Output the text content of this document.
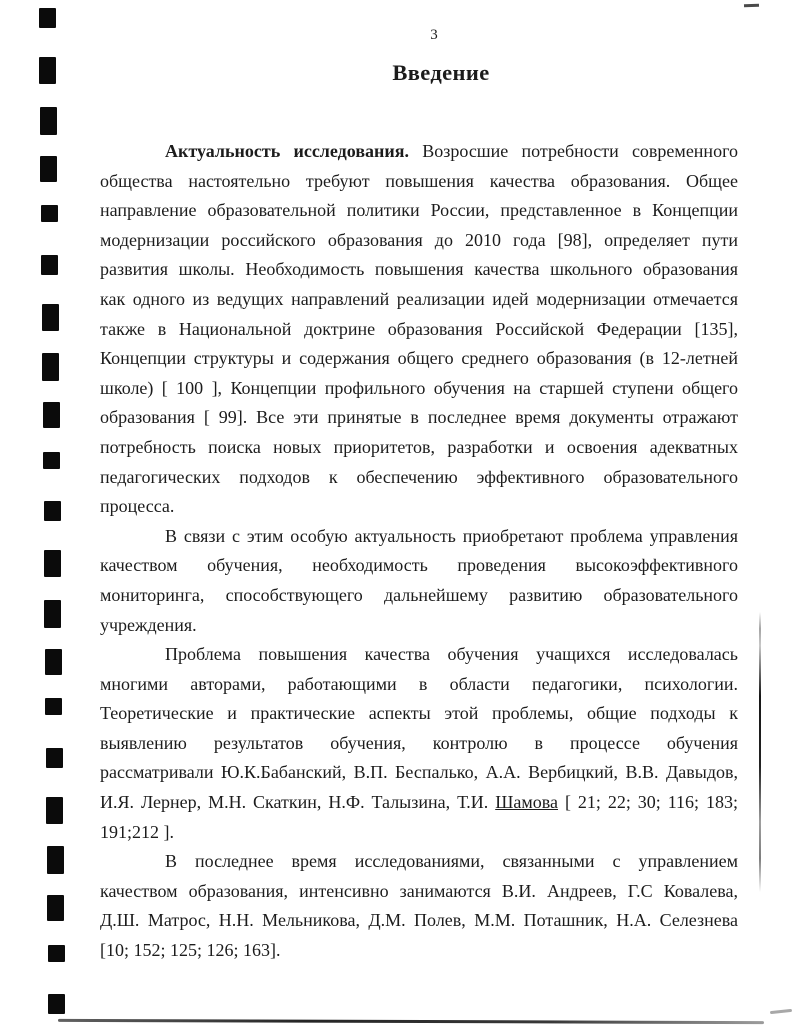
3
Введение
Актуальность исследования. Возросшие потребности современного
общества настоятельно требуют повышения качества образования. Общее
направление образовательной политики России, представленное в Концепции
модернизации российского образования до 2010 года [98], определяет пути
развития школы. Необходимость повышения качества школьного образования
как одного из ведущих направлений реализации идей модернизации отмечается
также в Национальной доктрине образования Российской Федерации [135],
Концепции структуры и содержания общего среднего образования (в 12-летней
школе) [ 100 ], Концепции профильного обучения на старшей ступени общего
образования [ 99]. Все эти принятые в последнее время документы отражают
потребность поиска новых приоритетов, разработки и освоения адекватных
педагогических подходов к обеспечению эффективного образовательного
процесса.
В связи с этим особую актуальность приобретают проблема управления
качеством обучения, необходимость проведения высокоэффективного
мониторинга, способствующего дальнейшему развитию образовательного
учреждения.
Проблема повышения качества обучения учащихся исследовалась
многими авторами, работающими в области педагогики, психологии.
Теоретические и практические аспекты этой проблемы, общие подходы к
выявлению результатов обучения, контролю в процессе обучения
рассматривали Ю.К.Бабанский, В.П. Беспалько, А.А. Вербицкий, В.В. Давыдов,
И.Я. Лернер, М.Н. Скаткин, Н.Ф. Талызина, Т.И. Шамова [ 21; 22; 30; 116; 183;
191;212 ].
В последнее время исследованиями, связанными с управлением
качеством образования, интенсивно занимаются В.И. Андреев, Г.С Ковалева,
Д.Ш. Матрос, Н.Н. Мельникова, Д.М. Полев, М.М. Поташник, Н.А. Селезнева
[10; 152; 125; 126; 163].
